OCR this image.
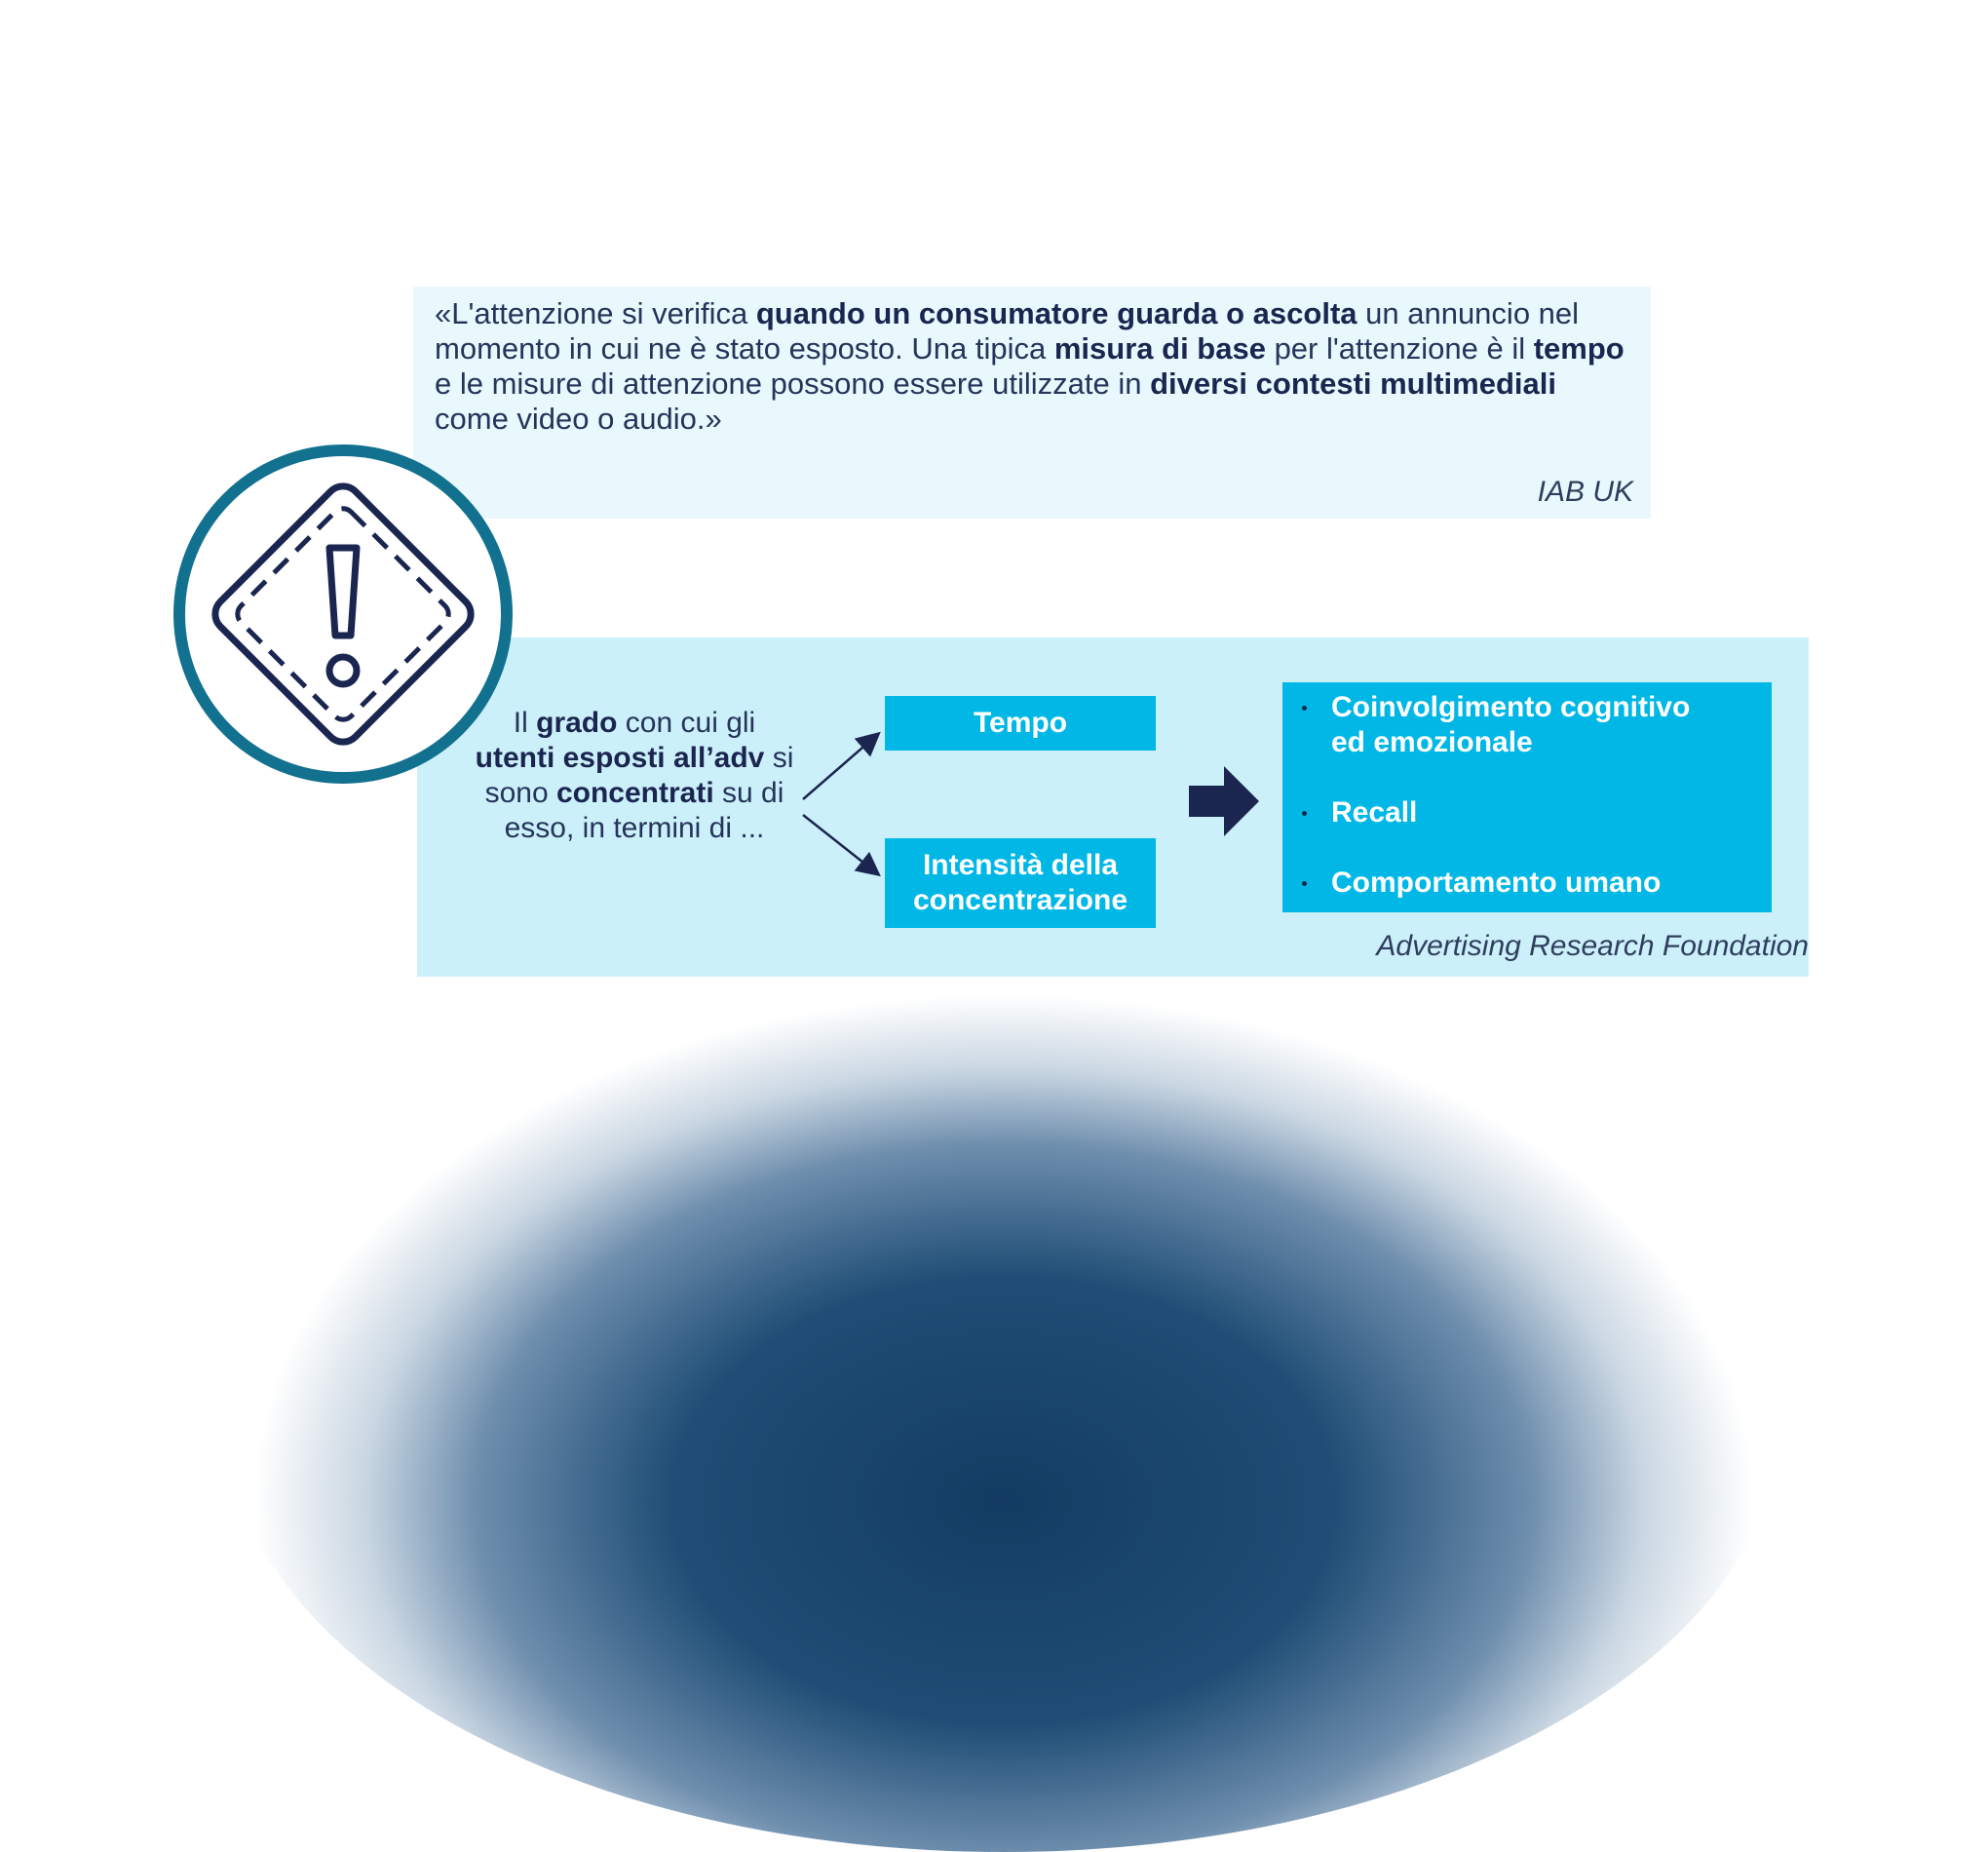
«L'attenzione si verifica quando un consumatore guarda o ascolta un annuncio nel momento in cui ne è stato esposto. Una tipica misura di base per l'attenzione è il tempo e le misure di attenzione possono essere utilizzate in diversi contesti multimediali come video o audio.»

IAB UK
Il grado con cui gli utenti esposti all’adv si sono concentrati su di esso, in termini di ...
Tempo
Intensità della
concentrazione
Coinvolgimento cognitivo
ed emozionale
Recall
Comportamento umano
Advertising Research Foundation
